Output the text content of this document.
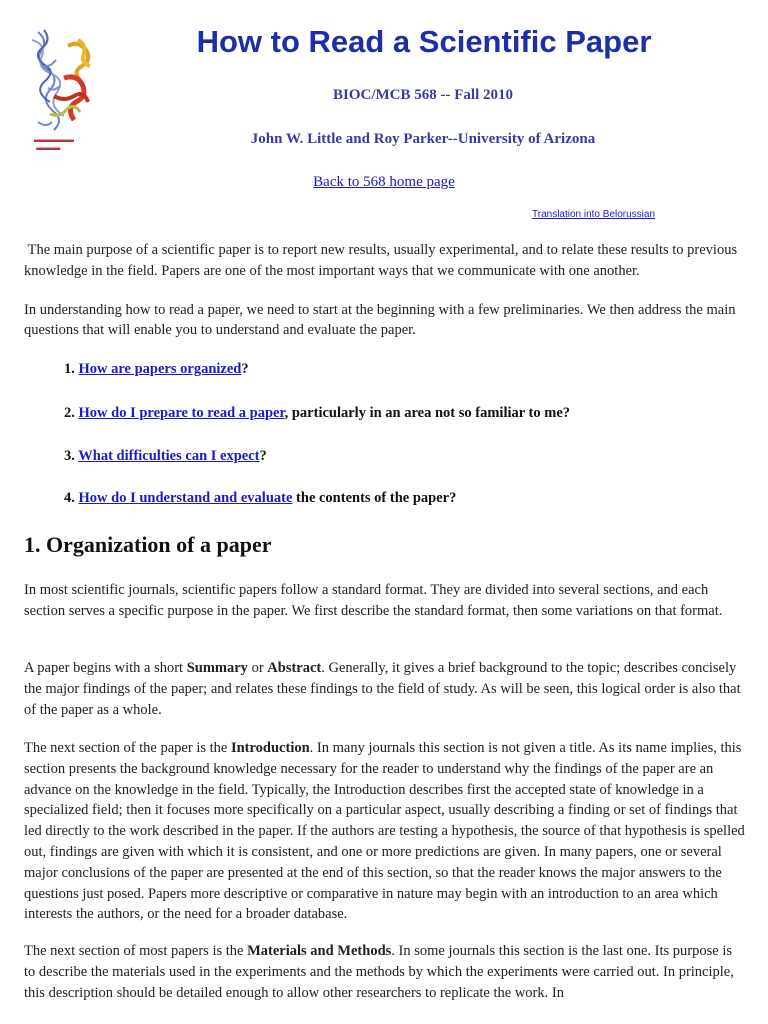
▬▬▬▬▬
▬▬▬
How to Read a Scientific Paper
BIOC/MCB 568 -- Fall 2010
John W. Little and Roy Parker--University of Arizona
Back to 568 home page
Translation into Belorussian

The main purpose of a scientific paper is to report new results, usually experimental, and to relate these results to previous knowledge in the field. Papers are one of the most important ways that we communicate with one another.

In understanding how to read a paper, we need to start at the beginning with a few preliminaries. We then address the main questions that will enable you to understand and evaluate the paper.

1. How are papers organized?
2. How do I prepare to read a paper, particularly in an area not so familiar to me?
3. What difficulties can I expect?
4. How do I understand and evaluate the contents of the paper?
1. Organization of a paper

In most scientific journals, scientific papers follow a standard format. They are divided into several sections, and each section serves a specific purpose in the paper. We first describe the standard format, then some variations on that format.

A paper begins with a short Summary or Abstract. Generally, it gives a brief background to the topic; describes concisely the major findings of the paper; and relates these findings to the field of study. As will be seen, this logical order is also that of the paper as a whole.

The next section of the paper is the Introduction. In many journals this section is not given a title. As its name implies, this section presents the background knowledge necessary for the reader to understand why the findings of the paper are an advance on the knowledge in the field. Typically, the Introduction describes first the accepted state of knowledge in a specialized field; then it focuses more specifically on a particular aspect, usually describing a finding or set of findings that led directly to the work described in the paper. If the authors are testing a hypothesis, the source of that hypothesis is spelled out, findings are given with which it is consistent, and one or more predictions are given. In many papers, one or several major conclusions of the paper are presented at the end of this section, so that the reader knows the major answers to the questions just posed. Papers more descriptive or comparative in nature may begin with an introduction to an area which interests the authors, or the need for a broader database.

The next section of most papers is the Materials and Methods. In some journals this section is the last one. Its purpose is to describe the materials used in the experiments and the methods by which the experiments were carried out. In principle, this description should be detailed enough to allow other researchers to replicate the work. In
